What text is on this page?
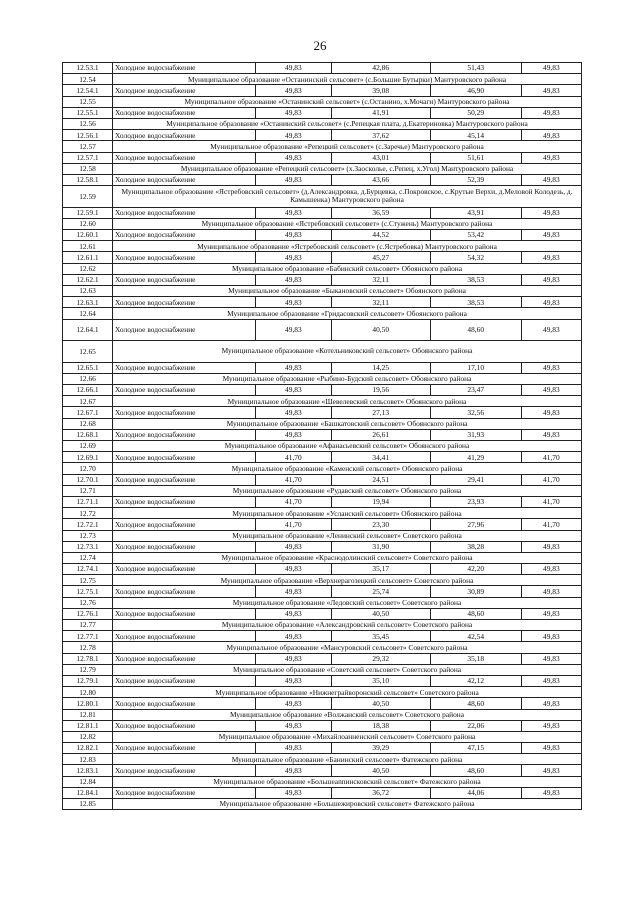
26
12.53.1	Холодное водоснабжение	49,83	42,86	51,43	49,83
12.54	Муниципальное образование «Останинский сельсовет» (с.Большие Бутырки) Мантуровского района				
12.54.1	Холодное водоснабжение	49,83	39,08	46,90	49,83
12.55	Муниципальное образование «Останинский сельсовет» (с.Останино, х.Мочаги) Мантуровского района				
12.55.1	Холодное водоснабжение	49,83	41,91	50,29	49,83
12.56	Муниципальное образование «Останинский сельсовет» (с.Репецкая плата, д.Екатериновка) Мантуровского района				
12.56.1	Холодное водоснабжение	49,83	37,62	45,14	49,83
12.57	Муниципальное образование «Репецкий сельсовет» (с.Заречье) Мантуровского района				
12.57.1	Холодное водоснабжение	49,83	43,01	51,61	49,83
12.58	Муниципальное образование «Репецкий сельсовет» (х.Заосколье, с.Репец, х.Угол) Мантуровского района				
12.58.1	Холодное водоснабжение	49,83	43,66	52,39	49,83
12.59	Муниципальное образование «Ястребовский сельсовет» (д.Александровка, д.Бурцевка, с.Покровское, с.Крутые Верхи, д.Меловой Колодезь, д. Камышенка) Мантуровского района				
12.59.1	Холодное водоснабжение	49,83	36,59	43,91	49,83
12.60	Муниципальное образование «Ястребовский сельсовет» (с.Стужень) Мантуровского района				
12.60.1	Холодное водоснабжение	49,83	44,52	53,42	49,83
12.61	Муниципальное образование «Ястребовский сельсовет» (с.Ястребовка) Мантуровского района				
12.61.1	Холодное водоснабжение	49,83	45,27	54,32	49,83
12.62	Муниципальное образование «Бабинский сельсовет» Обоянского района				
12.62.1	Холодное водоснабжение	49,83	32,11	38,53	49,83
12.63	Муниципальное образование «Быкановский сельсовет» Обоянского района				
12.63.1	Холодное водоснабжение	49,83	32,11	38,53	49,83
12.64	Муниципальное образование «Гридасовский сельсовет» Обоянского района				
12.64.1	Холодное водоснабжение	49,83	40,50	48,60	49,83
12.65	Муниципальное образование «Котельниковский сельсовет» Обоянского района				
12.65.1	Холодное водоснабжение	49,83	14,25	17,10	49,83
12.66	Муниципальное образование «Рыбино-Будский сельсовет» Обоянского района				
12.66.1	Холодное водоснабжение	49,83	19,56	23,47	49,83
12.67	Муниципальное образование «Шевелевский сельсовет» Обоянского района				
12.67.1	Холодное водоснабжение	49,83	27,13	32,56	49,83
12.68	Муниципальное образование «Башкатовский сельсовет» Обоянского района				
12.68.1	Холодное водоснабжение	49,83	26,61	31,93	49,83
12.69	Муниципальное образование «Афанасьевский сельсовет» Обоянского района				
12.69.1	Холодное водоснабжение	41,70	34,41	41,29	41,70
12.70	Муниципальное образование «Каменский сельсовет» Обоянского района				
12.70.1	Холодное водоснабжение	41,70	24,51	29,41	41,70
12.71	Муниципальное образование «Рудавский сельсовет» Обоянского района				
12.71.1	Холодное водоснабжение	41,70	19,94	23,93	41,70
12.72	Муниципальное образование «Усланский сельсовет» Обоянского района				
12.72.1	Холодное водоснабжение	41,70	23,30	27,96	41,70
12.73	Муниципальное образование «Ленинский сельсовет» Советского района				
12.73.1	Холодное водоснабжение	49,83	31,90	38,28	49,83
12.74	Муниципальное образование «Краснодолинский сельсовет» Советского района				
12.74.1	Холодное водоснабжение	49,83	35,17	42,20	49,83
12.75	Муниципальное образование «Верхнерагозецкий сельсовет» Советского района				
12.75.1	Холодное водоснабжение	49,83	25,74	30,89	49,83
12.76	Муниципальное образование «Ледовский сельсовет» Советского района				
12.76.1	Холодное водоснабжение	49,83	40,50	48,60	49,83
12.77	Муниципальное образование «Александровский сельсовет» Советского района				
12.77.1	Холодное водоснабжение	49,83	35,45	42,54	49,83
12.78	Муниципальное образование «Мансуровский сельсовет» Советского района				
12.78.1	Холодное водоснабжение	49,83	29,32	35,18	49,83
12.79	Муниципальное образование «Советский сельсовет» Советского района				
12.79.1	Холодное водоснабжение	49,83	35,10	42,12	49,83
12.80	Муниципальное образование «Нижнеграйворонский сельсовет» Советского района				
12.80.1	Холодное водоснабжение	49,83	40,50	48,60	49,83
12.81	Муниципальное образование «Волжанский сельсовет» Советского района				
12.81.1	Холодное водоснабжение	49,83	18,38	22,06	49,83
12.82	Муниципальное образование «Михайлоанненский сельсовет» Советского района				
12.82.1	Холодное водоснабжение	49,83	39,29	47,15	49,83
12.83	Муниципальное образование «Банинский сельсовет» Фатежского района				
12.83.1	Холодное водоснабжение	49,83	40,50	48,60	49,83
12.84	Муниципальное образование «Большеannинсковский сельсовет» Фатежского района				
12.84.1	Холодное водоснабжение	49,83	36,72	44,06	49,83
12.85	Муниципальное образование «Большежировский сельсовет» Фатежского района				
